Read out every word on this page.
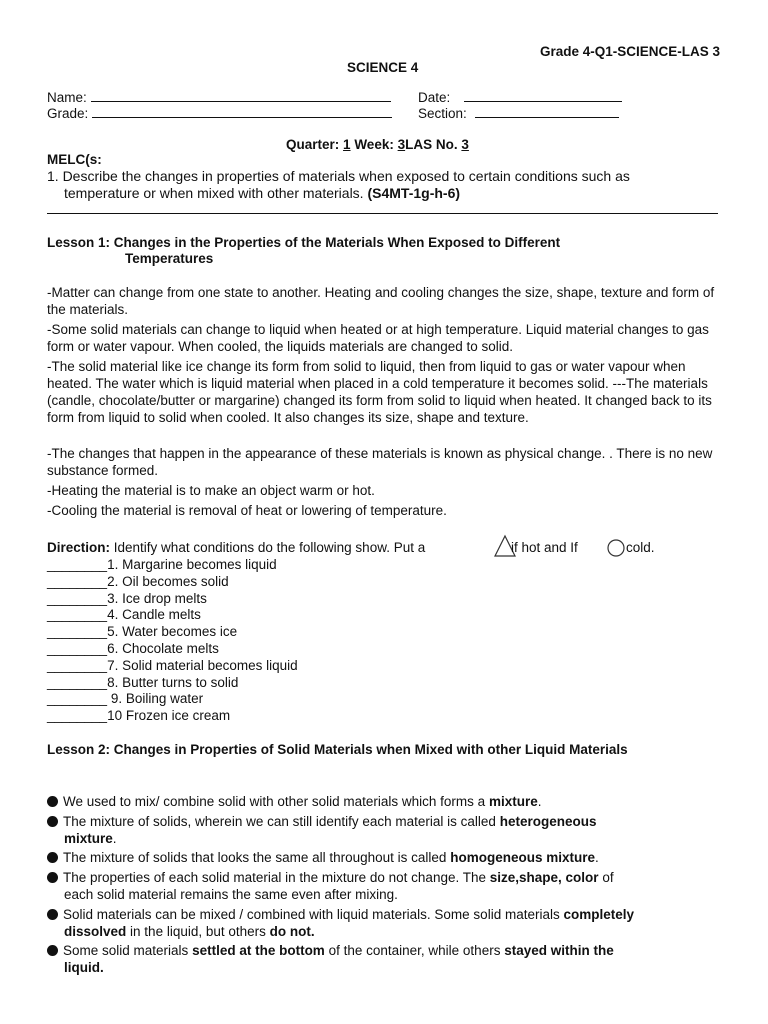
Grade 4-Q1-SCIENCE-LAS 3
SCIENCE 4
Name:	Date:
Grade:	Section:
Quarter: 1 Week: 3LAS No. 3
MELC(s:
1. Describe the changes in properties of materials when exposed to certain conditions such as
temperature or when mixed with other materials. (S4MT-1g-h-6)
Lesson 1: Changes in the Properties of the Materials When Exposed to Different
Temperatures
-Matter can change from one state to another. Heating and cooling changes the size, shape, texture and form of the materials.
-Some solid materials can change to liquid when heated or at high temperature. Liquid material changes to gas form or water vapour. When cooled, the liquids materials are changed to solid.
-The solid material like ice change its form from solid to liquid, then from liquid to gas or water vapour when heated. The water which is liquid material when placed in a cold temperature it becomes solid. ---The materials (candle, chocolate/butter or margarine) changed its form from solid to liquid when heated. It changed back to its form from liquid to solid when cooled. It also changes its size, shape and texture.
-The changes that happen in the appearance of these materials is known as physical change. . There is no new substance formed.
-Heating the material is to make an object warm or hot.
-Cooling the material is removal of heat or lowering of temperature.
Direction: Identify what conditions do the following show. Put a	if hot and If	cold.
________1. Margarine becomes liquid
________2. Oil becomes solid
________3. Ice drop melts
________4. Candle melts
________5. Water becomes ice
________6. Chocolate melts
________7. Solid material becomes liquid
________8. Butter turns to solid
________ 9. Boiling water
________10 Frozen ice cream
Lesson 2: Changes in Properties of Solid Materials when Mixed with other Liquid Materials
We used to mix/ combine solid with other solid materials which forms a mixture.
The mixture of solids, wherein we can still identify each material is called heterogeneous
mixture.
The mixture of solids that looks the same all throughout is called homogeneous mixture.
The properties of each solid material in the mixture do not change. The size,shape, color of
each solid material remains the same even after mixing.
Solid materials can be mixed / combined with liquid materials. Some solid materials completely
dissolved in the liquid, but others do not.
Some solid materials settled at the bottom of the container, while others stayed within the
liquid.
